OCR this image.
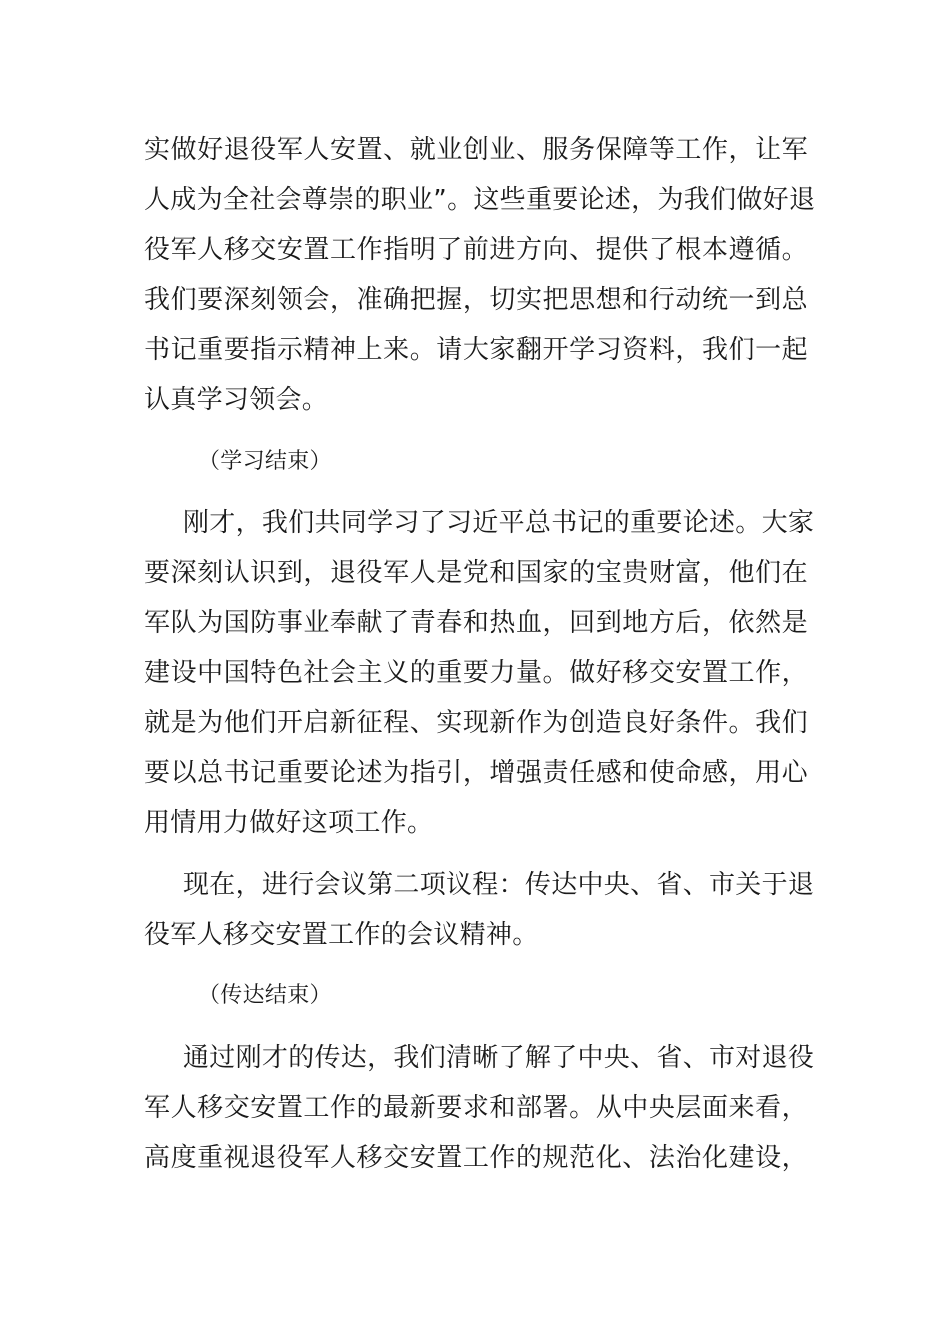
实做好退役军人安置、就业创业、服务保障等工作，让军
人成为全社会尊崇的职业”。这些重要论述，为我们做好退
役军人移交安置工作指明了前进方向、提供了根本遵循。
我们要深刻领会，准确把握，切实把思想和行动统一到总
书记重要指示精神上来。请大家翻开学习资料，我们一起
认真学习领会。
（学习结束）
刚才，我们共同学习了习近平总书记的重要论述。大家
要深刻认识到，退役军人是党和国家的宝贵财富，他们在
军队为国防事业奉献了青春和热血，回到地方后，依然是
建设中国特色社会主义的重要力量。做好移交安置工作，
就是为他们开启新征程、实现新作为创造良好条件。我们
要以总书记重要论述为指引，增强责任感和使命感，用心
用情用力做好这项工作。
现在，进行会议第二项议程：传达中央、省、市关于退
役军人移交安置工作的会议精神。
（传达结束）
通过刚才的传达，我们清晰了解了中央、省、市对退役
军人移交安置工作的最新要求和部署。从中央层面来看，
高度重视退役军人移交安置工作的规范化、法治化建设，
